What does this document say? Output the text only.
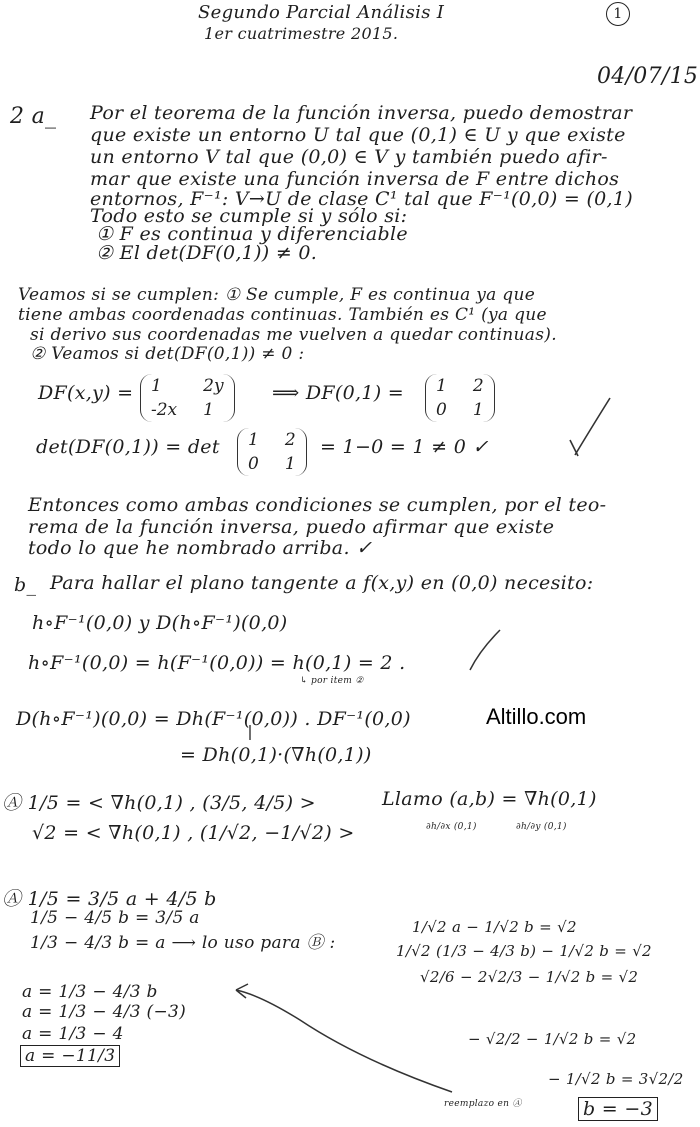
Segundo Parcial Análisis I
1er cuatrimestre 2015.
1
04/07/15
2 a_ Por el teorema de la función inversa, puedo demostrar
que existe un entorno U tal que (0,1) ∈ U y que existe
un entorno V tal que (0,0) ∈ V y también puedo afir-
mar que existe una función inversa de F entre dichos
entornos, F⁻¹: V→U de clase C¹ tal que F⁻¹(0,0) = (0,1)
Todo esto se cumple si y sólo si:
① F es continua y diferenciable
② El det(DF(0,1)) ≠ 0.
Veamos si se cumplen: ① Se cumple, F es continua ya que
tiene ambas coordenadas continuas. También es C¹ (ya que
si derivo sus coordenadas me vuelven a quedar continuas).
② Veamos si det(DF(0,1)) ≠ 0 :
DF(x,y) = 1	2y
-2x 1
⟹ DF(0,1) = 1 2
0 1
det(DF(0,1)) = det 1 2
0 1
= 1−0 = 1 ≠ 0 ✓
Entonces como ambas condiciones se cumplen, por el teo-
rema de la función inversa, puedo afirmar que existe
todo lo que he nombrado arriba. ✓
b_ Para hallar el plano tangente a f(x,y) en (0,0) necesito:
h∘F⁻¹(0,0) y D(h∘F⁻¹)(0,0)
h∘F⁻¹(0,0) = h(F⁻¹(0,0)) = h(0,1) = 2 .
↳ por item ②
Altillo.com
D(h∘F⁻¹)(0,0) = Dh(F⁻¹(0,0)) . DF⁻¹(0,0)
= Dh(0,1)·(∇h(0,1))
Ⓐ 1/5 = < ∇h(0,1) , (3/5, 4/5) >
√2 = < ∇h(0,1) , (1/√2, −1/√2) >
Llamo (a,b) = ∇h(0,1)
∂h/∂x (0,1)	∂h/∂y (0,1)
Ⓐ 1/5 = 3/5 a + 4/5 b
1/5 − 4/5 b = 3/5 a
1/3 − 4/3 b = a ⟶ lo uso para Ⓑ :
1/√2 a − 1/√2 b = √2
1/√2 (1/3 − 4/3 b) − 1/√2 b = √2
√2/6 − 2√2/3 − 1/√2 b = √2
− √2/2 − 1/√2 b = √2
− 1/√2 b = 3√2/2
reemplazo en Ⓐ	b = −3
a = 1/3 − 4/3 b
a = 1/3 − 4/3 (−3)
a = 1/3 − 4
a = −11/3
